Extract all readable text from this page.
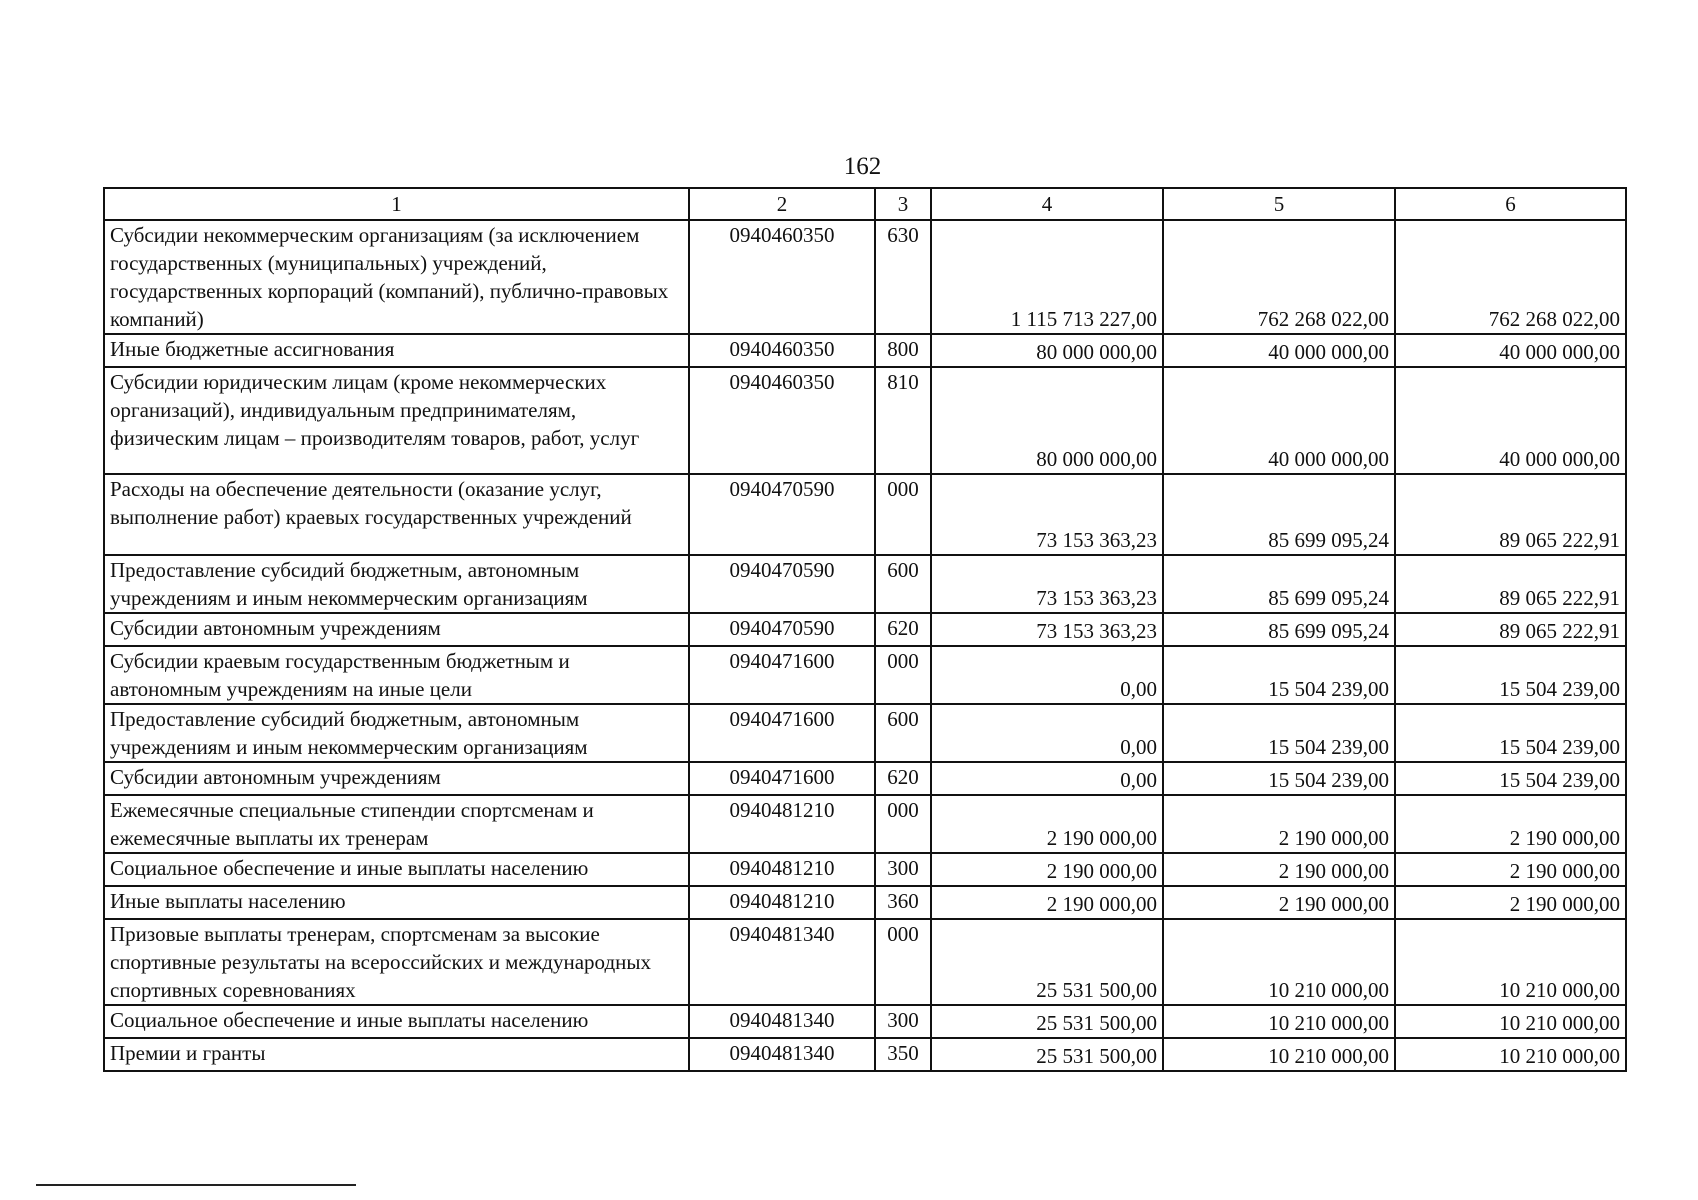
162
1	2	3	4	5	6
Субсидии некоммерческим организациям (за исключением государственных (муниципальных) учреждений, государственных корпораций (компаний), публично-правовых компаний)	0940460350	630	1 115 713 227,00	762 268 022,00	762 268 022,00
Иные бюджетные ассигнования	0940460350	800	80 000 000,00	40 000 000,00	40 000 000,00
Субсидии юридическим лицам (кроме некоммерческих организаций), индивидуальным предпринимателям, физическим лицам – производителям товаров, работ, услуг	0940460350	810	80 000 000,00	40 000 000,00	40 000 000,00
Расходы на обеспечение деятельности (оказание услуг, выполнение работ) краевых государственных учреждений	0940470590	000	73 153 363,23	85 699 095,24	89 065 222,91
Предоставление субсидий бюджетным, автономным учреждениям и иным некоммерческим организациям	0940470590	600	73 153 363,23	85 699 095,24	89 065 222,91
Субсидии автономным учреждениям	0940470590	620	73 153 363,23	85 699 095,24	89 065 222,91
Субсидии краевым государственным бюджетным и автономным учреждениям на иные цели	0940471600	000	0,00	15 504 239,00	15 504 239,00
Предоставление субсидий бюджетным, автономным учреждениям и иным некоммерческим организациям	0940471600	600	0,00	15 504 239,00	15 504 239,00
Субсидии автономным учреждениям	0940471600	620	0,00	15 504 239,00	15 504 239,00
Ежемесячные специальные стипендии спортсменам и ежемесячные выплаты их тренерам	0940481210	000	2 190 000,00	2 190 000,00	2 190 000,00
Социальное обеспечение и иные выплаты населению	0940481210	300	2 190 000,00	2 190 000,00	2 190 000,00
Иные выплаты населению	0940481210	360	2 190 000,00	2 190 000,00	2 190 000,00
Призовые выплаты тренерам, спортсменам за высокие спортивные результаты на всероссийских и международных спортивных соревнованиях	0940481340	000	25 531 500,00	10 210 000,00	10 210 000,00
Социальное обеспечение и иные выплаты населению	0940481340	300	25 531 500,00	10 210 000,00	10 210 000,00
Премии и гранты	0940481340	350	25 531 500,00	10 210 000,00	10 210 000,00
